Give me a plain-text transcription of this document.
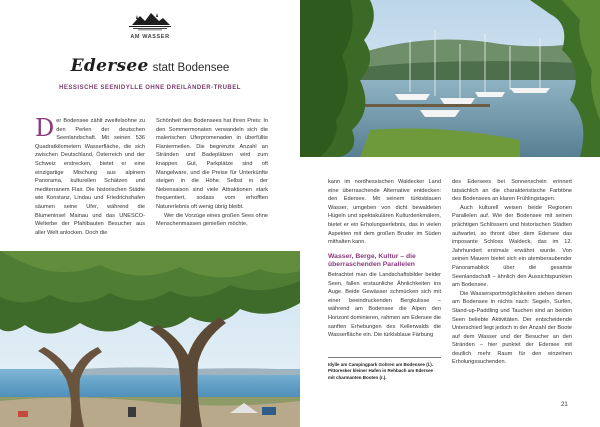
AM WASSER
Edersee statt Bodensee
HESSISCHE SEENIDYLLE OHNE DREILÄNDER-TRUBEL
Der Bodensee zählt zweifelsohne zu den Perlen der deutschen Seenlandschaft. Mit seinen 536 Quadratkilometern Wasserfläche, die sich zwischen Deutschland, Österreich und der Schweiz erstrecken, bietet er eine einzigartige Mischung aus alpinem Panorama, kulturellen Schätzen und mediterranem Flair. Die historischen Städte wie Konstanz, Lindau und Friedrichshafen säumen seine Ufer, während die Blumeninsel Mainau und das UNESCO-Welterbe der Pfahlbauten Besucher aus aller Welt anlocken. Doch die

Schönheit des Bodensees hat ihren Preis: In den Sommermonaten verwandeln sich die malerischen Uferpromenaden in überfüllte Flaniermeilen. Die begrenzte Anzahl an Stränden und Badeplätzen wird zum knappen Gut, Parkplätze sind oft Mangelware, und die Preise für Unterkünfte steigen in die Höhe. Selbst in der Nebensaison sind viele Attraktionen stark frequentiert, sodass vom erhofften Naturerlebnis oft wenig übrig bleibt.

Wer die Vorzüge eines großen Sees ohne Menschenmassen genießen möchte,

kann im nordhessischen Waldecker Land eine überraschende Alternative entdecken: den Edersee. Mit seinem türkisblauen Wasser, umgeben von dicht bewaldeten Hügeln und spektakulären Kulturdenkmälern, bietet er ein Erholungserlebnis, das in vielen Aspekten mit dem großen Bruder im Süden mithalten kann.

Wasser, Berge, Kultur – die überraschenden Parallelen

Betrachtet man die Landschaftsbilder beider Seen, fallen erstaunliche Ähnlichkeiten ins Auge. Beide Gewässer schmücken sich mit einer beeindruckenden Bergkulisse – während am Bodensee die Alpen den Horizont dominieren, rahmen am Edersee die sanften Erhebungen des Kellerwalds die Wasserfläche ein. Die türkisblaue Färbung

Idylle am Campingpark Gohren am Bodensee (l.). Pittoresker kleiner Hafen in Rehbach am Edersee mit charmanten Booten (r.).

des Edersees bei Sonnenschein erinnert tatsächlich an die charakteristische Farbtöne des Bodensees an klaren Frühlingstagen.

Auch kulturell weisen beide Regionen Parallelen auf. Wie der Bodensee mit seinen prächtigen Schlössern und historischen Städten aufwartet, so thront über dem Edersee das imposante Schloss Waldeck, das im 12. Jahrhundert erstmals erwähnt wurde. Von seinen Mauern bietet sich ein atemberaubender Panoramablick über die gesamte Seenlandschaft – ähnlich den Aussichtspunkten am Bodensee.

Die Wassersportmöglichkeiten stehen denen am Bodensee in nichts nach: Segeln, Surfen, Stand-up-Paddling und Tauchen sind an beiden Seen beliebte Aktivitäten. Der entscheidende Unterschied liegt jedoch in der Anzahl der Boote auf dem Wasser und der Besucher an den Stränden – hier punktet der Edersee mit deutlich mehr Raum für den einzelnen Erholungssuchenden.

21
